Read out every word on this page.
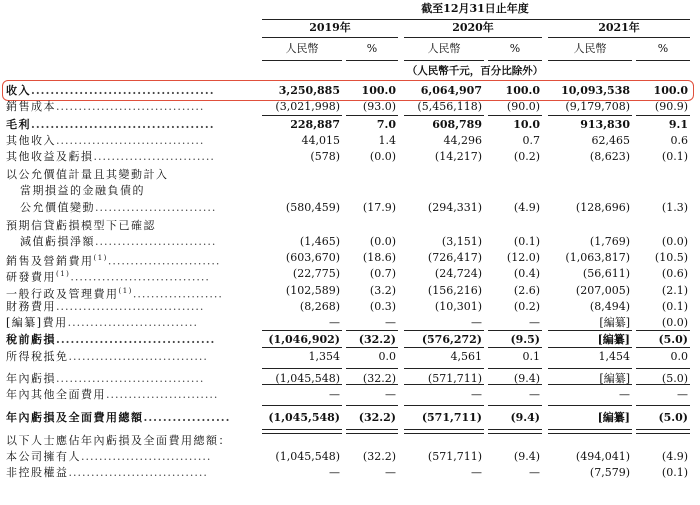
截至12月31日止年度
2019年	2020年	2021年
人民幣	%	人民幣	%	人民幣	%
（人民幣千元，百分比除外）
收入......................................	3,250,885	100.0	6,064,907	100.0	10,093,538	100.0
銷售成本.................................	(3,021,998)	(93.0)	(5,456,118)	(90.0)	(9,179,708)	(90.9)
毛利......................................	228,887	7.0	608,789	10.0	913,830	9.1
其他收入.................................	44,015	1.4	44,296	0.7	62,465	0.6
其他收益及虧損...........................	(578)	(0.0)	(14,217)	(0.2)	(8,623)	(0.1)
以公允價值計量且其變動計入
當期損益的金融負債的
公允價值變動...........................	(580,459)	(17.9)	(294,331)	(4.9)	(128,696)	(1.3)
預期信貸虧損模型下已確認
減值虧損淨額...........................	(1,465)	(0.0)	(3,151)	(0.1)	(1,769)	(0.0)
銷售及營銷費用$^{(1)}$.........................	(603,670)	(18.6)	(726,417)	(12.0)	(1,063,817)	(10.5)
研發費用$^{(1)}$...............................	(22,775)	(0.7)	(24,724)	(0.4)	(56,611)	(0.6)
一般行政及管理費用$^{(1)}$....................	(102,589)	(3.2)	(156,216)	(2.6)	(207,005)	(2.1)
財務費用.................................	(8,268)	(0.3)	(10,301)	(0.2)	(8,494)	(0.1)
[編纂]費用.............................	—	—	—	—	[編纂]	(0.0)
稅前虧損.................................	(1,046,902)	(32.2)	(576,272)	(9.5)	[編纂]	(5.0)
所得稅抵免...............................	1,354	0.0	4,561	0.1	1,454	0.0
年內虧損.................................	(1,045,548)	(32.2)	(571,711)	(9.4)	[編纂]	(5.0)
年內其他全面費用.........................	—	—	—	—	—	—
年內虧損及全面費用總額..................	(1,045,548)	(32.2)	(571,711)	(9.4)	[編纂]	(5.0)
以下人士應佔年內虧損及全面費用總額：
本公司擁有人.............................	(1,045,548)	(32.2)	(571,711)	(9.4)	(494,041)	(4.9)
非控股權益...............................	—	—	—	—	(7,579)	(0.1)
